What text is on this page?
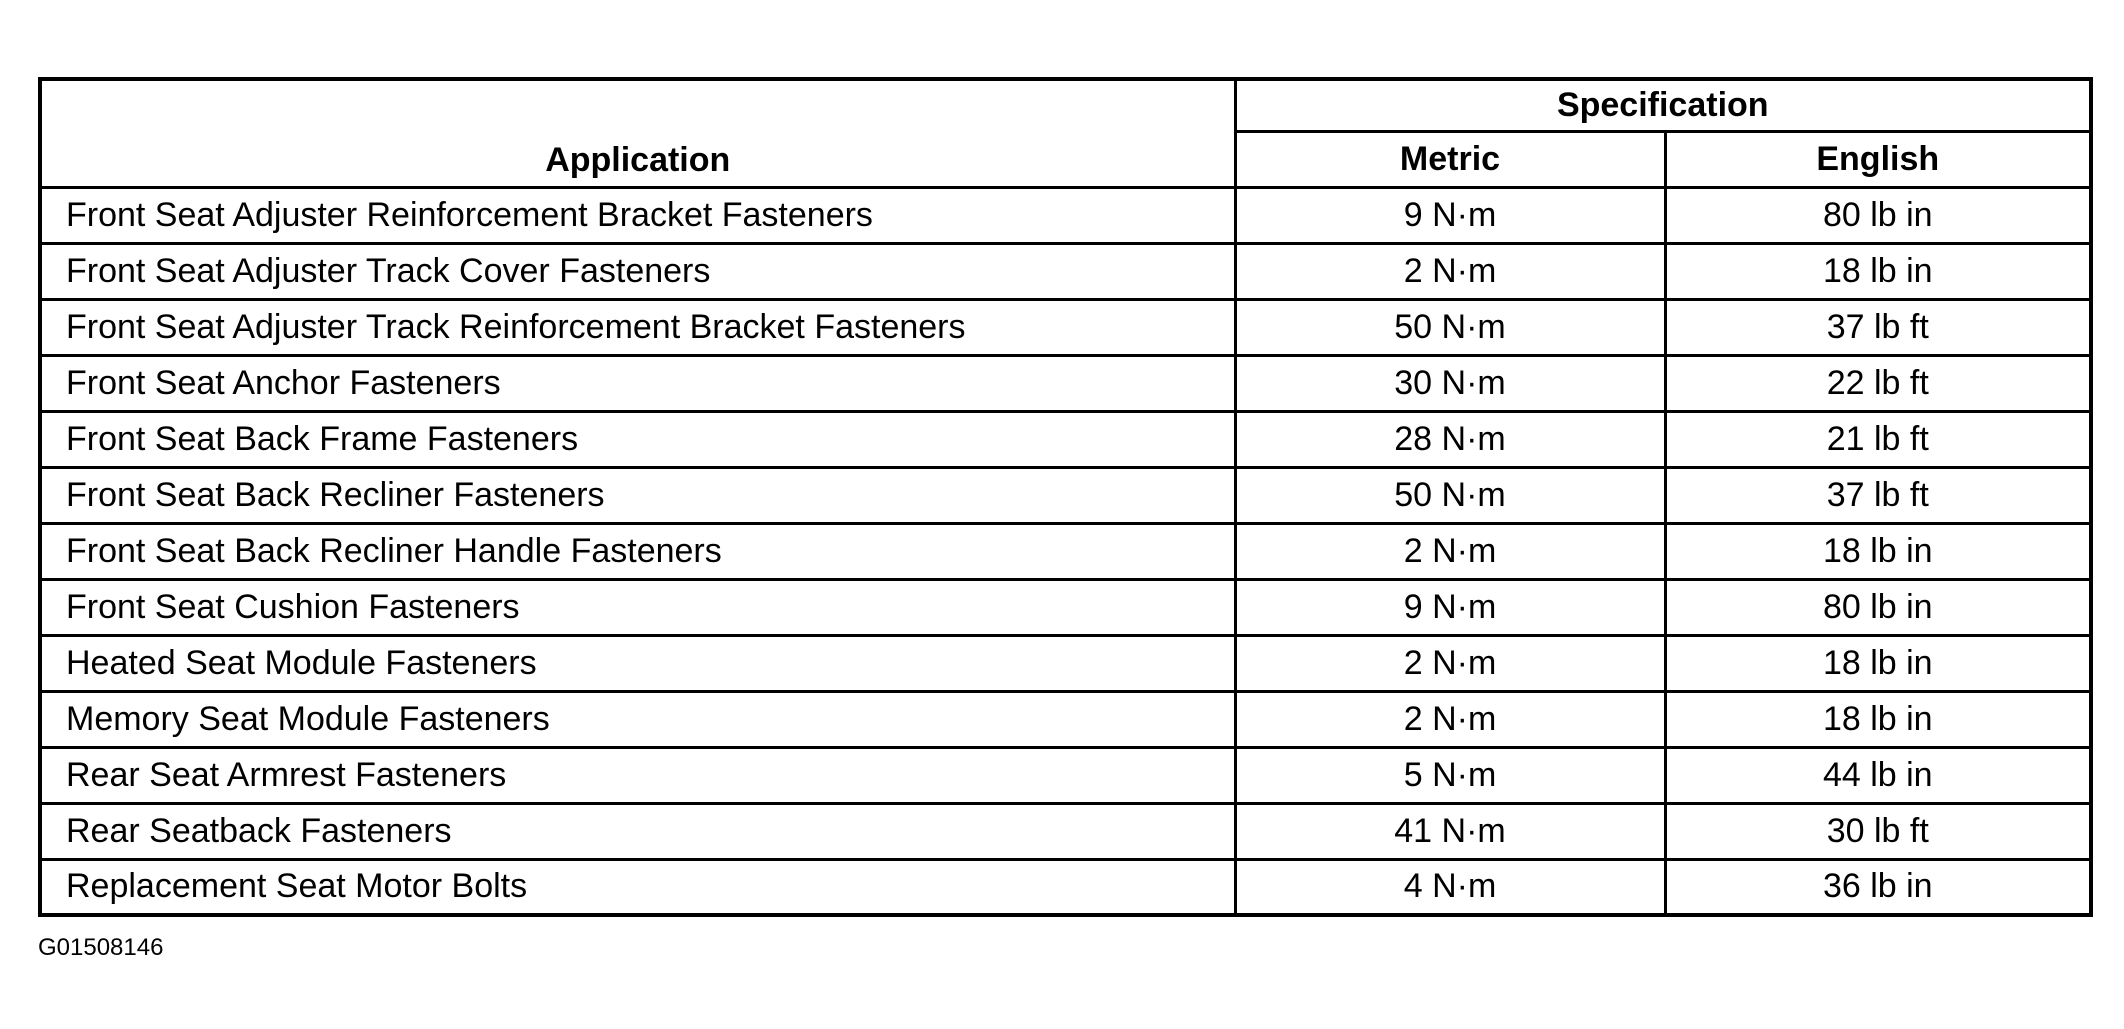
Application	Specification	
	Metric	English
Front Seat Adjuster Reinforcement Bracket Fasteners	9 N·m	80 lb in
Front Seat Adjuster Track Cover Fasteners	2 N·m	18 lb in
Front Seat Adjuster Track Reinforcement Bracket Fasteners	50 N·m	37 lb ft
Front Seat Anchor Fasteners	30 N·m	22 lb ft
Front Seat Back Frame Fasteners	28 N·m	21 lb ft
Front Seat Back Recliner Fasteners	50 N·m	37 lb ft
Front Seat Back Recliner Handle Fasteners	2 N·m	18 lb in
Front Seat Cushion Fasteners	9 N·m	80 lb in
Heated Seat Module Fasteners	2 N·m	18 lb in
Memory Seat Module Fasteners	2 N·m	18 lb in
Rear Seat Armrest Fasteners	5 N·m	44 lb in
Rear Seatback Fasteners	41 N·m	30 lb ft
Replacement Seat Motor Bolts	4 N·m	36 lb in
G01508146
